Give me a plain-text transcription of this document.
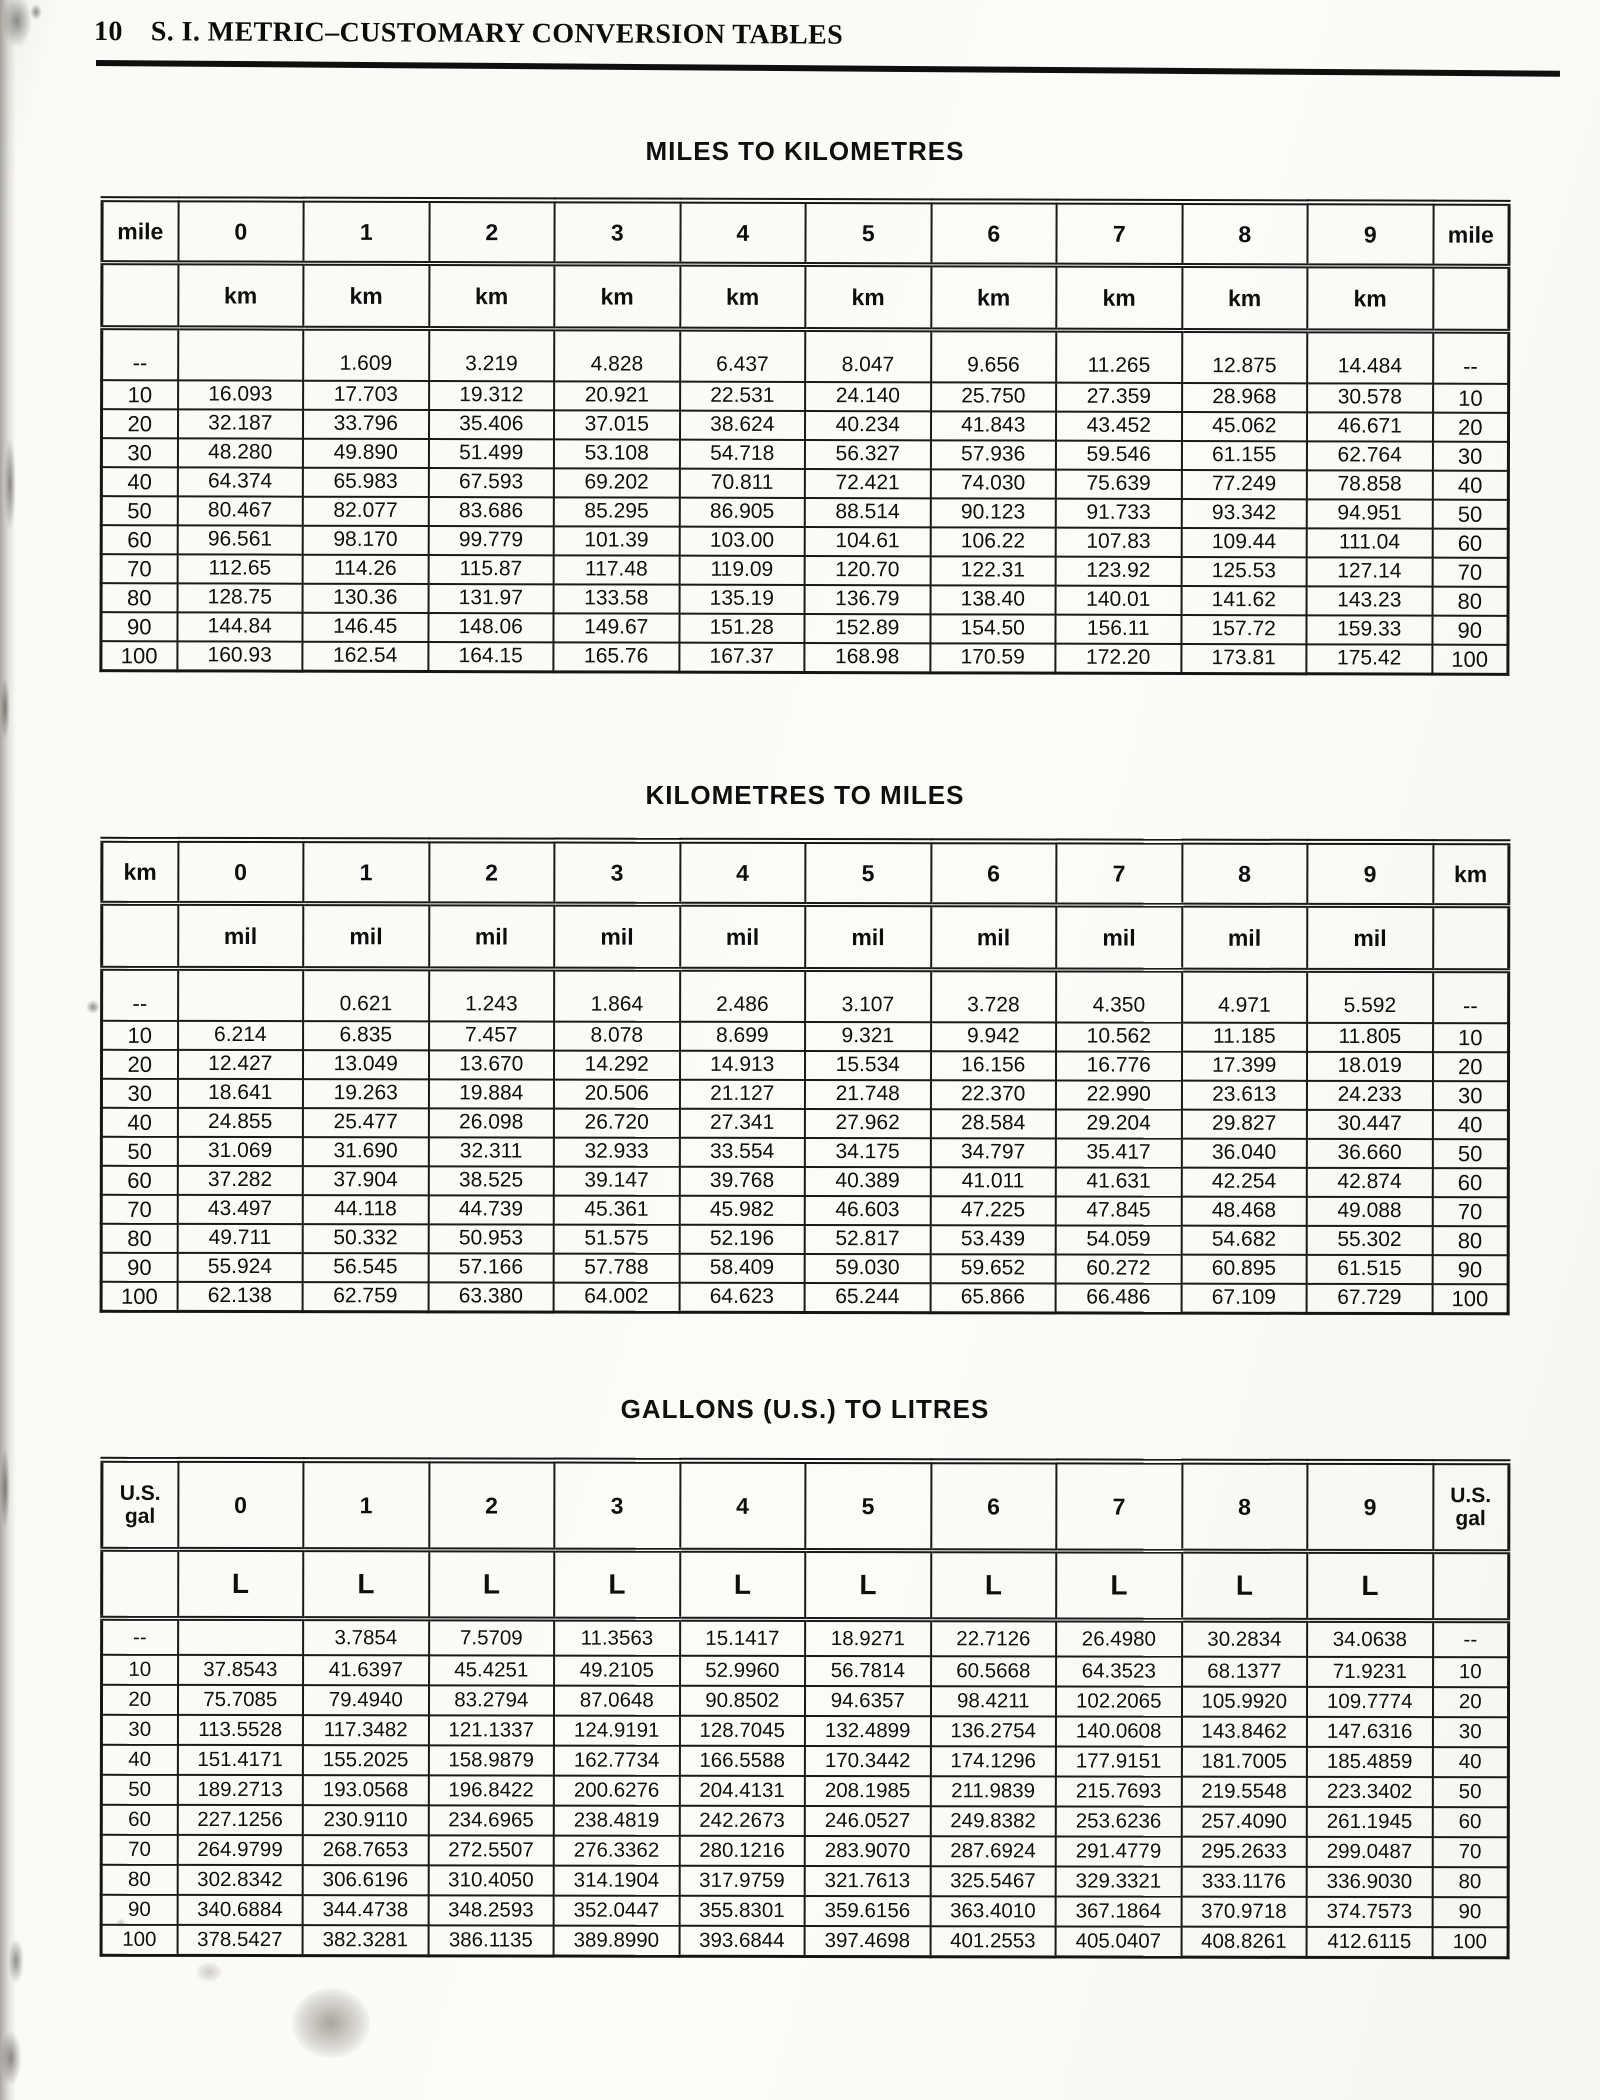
10 S. I. METRIC–CUSTOMARY CONVERSION TABLES
MILES TO KILOMETRES
mile	0	1	2	3	4	5	6	7	8	9	mile
	km	km	km	km	km	km	km	km	km	km	
--		1.609	3.219	4.828	6.437	8.047	9.656	11.265	12.875	14.484	--
10	16.093	17.703	19.312	20.921	22.531	24.140	25.750	27.359	28.968	30.578	10
20	32.187	33.796	35.406	37.015	38.624	40.234	41.843	43.452	45.062	46.671	20
30	48.280	49.890	51.499	53.108	54.718	56.327	57.936	59.546	61.155	62.764	30
40	64.374	65.983	67.593	69.202	70.811	72.421	74.030	75.639	77.249	78.858	40
50	80.467	82.077	83.686	85.295	86.905	88.514	90.123	91.733	93.342	94.951	50
60	96.561	98.170	99.779	101.39	103.00	104.61	106.22	107.83	109.44	111.04	60
70	112.65	114.26	115.87	117.48	119.09	120.70	122.31	123.92	125.53	127.14	70
80	128.75	130.36	131.97	133.58	135.19	136.79	138.40	140.01	141.62	143.23	80
90	144.84	146.45	148.06	149.67	151.28	152.89	154.50	156.11	157.72	159.33	90
100	160.93	162.54	164.15	165.76	167.37	168.98	170.59	172.20	173.81	175.42	100
KILOMETRES TO MILES
km	0	1	2	3	4	5	6	7	8	9	km
	mil	mil	mil	mil	mil	mil	mil	mil	mil	mil	
--		0.621	1.243	1.864	2.486	3.107	3.728	4.350	4.971	5.592	--
10	6.214	6.835	7.457	8.078	8.699	9.321	9.942	10.562	11.185	11.805	10
20	12.427	13.049	13.670	14.292	14.913	15.534	16.156	16.776	17.399	18.019	20
30	18.641	19.263	19.884	20.506	21.127	21.748	22.370	22.990	23.613	24.233	30
40	24.855	25.477	26.098	26.720	27.341	27.962	28.584	29.204	29.827	30.447	40
50	31.069	31.690	32.311	32.933	33.554	34.175	34.797	35.417	36.040	36.660	50
60	37.282	37.904	38.525	39.147	39.768	40.389	41.011	41.631	42.254	42.874	60
70	43.497	44.118	44.739	45.361	45.982	46.603	47.225	47.845	48.468	49.088	70
80	49.711	50.332	50.953	51.575	52.196	52.817	53.439	54.059	54.682	55.302	80
90	55.924	56.545	57.166	57.788	58.409	59.030	59.652	60.272	60.895	61.515	90
100	62.138	62.759	63.380	64.002	64.623	65.244	65.866	66.486	67.109	67.729	100
GALLONS (U.S.) TO LITRES
U.S. gal	0	1	2	3	4	5	6	7	8	9	U.S. gal
	L	L	L	L	L	L	L	L	L	L	
--		3.7854	7.5709	11.3563	15.1417	18.9271	22.7126	26.4980	30.2834	34.0638	--
10	37.8543	41.6397	45.4251	49.2105	52.9960	56.7814	60.5668	64.3523	68.1377	71.9231	10
20	75.7085	79.4940	83.2794	87.0648	90.8502	94.6357	98.4211	102.2065	105.9920	109.7774	20
30	113.5528	117.3482	121.1337	124.9191	128.7045	132.4899	136.2754	140.0608	143.8462	147.6316	30
40	151.4171	155.2025	158.9879	162.7734	166.5588	170.3442	174.1296	177.9151	181.7005	185.4859	40
50	189.2713	193.0568	196.8422	200.6276	204.4131	208.1985	211.9839	215.7693	219.5548	223.3402	50
60	227.1256	230.9110	234.6965	238.4819	242.2673	246.0527	249.8382	253.6236	257.4090	261.1945	60
70	264.9799	268.7653	272.5507	276.3362	280.1216	283.9070	287.6924	291.4779	295.2633	299.0487	70
80	302.8342	306.6196	310.4050	314.1904	317.9759	321.7613	325.5467	329.3321	333.1176	336.9030	80
90	340.6884	344.4738	348.2593	352.0447	355.8301	359.6156	363.4010	367.1864	370.9718	374.7573	90
100	378.5427	382.3281	386.1135	389.8990	393.6844	397.4698	401.2553	405.0407	408.8261	412.6115	100
